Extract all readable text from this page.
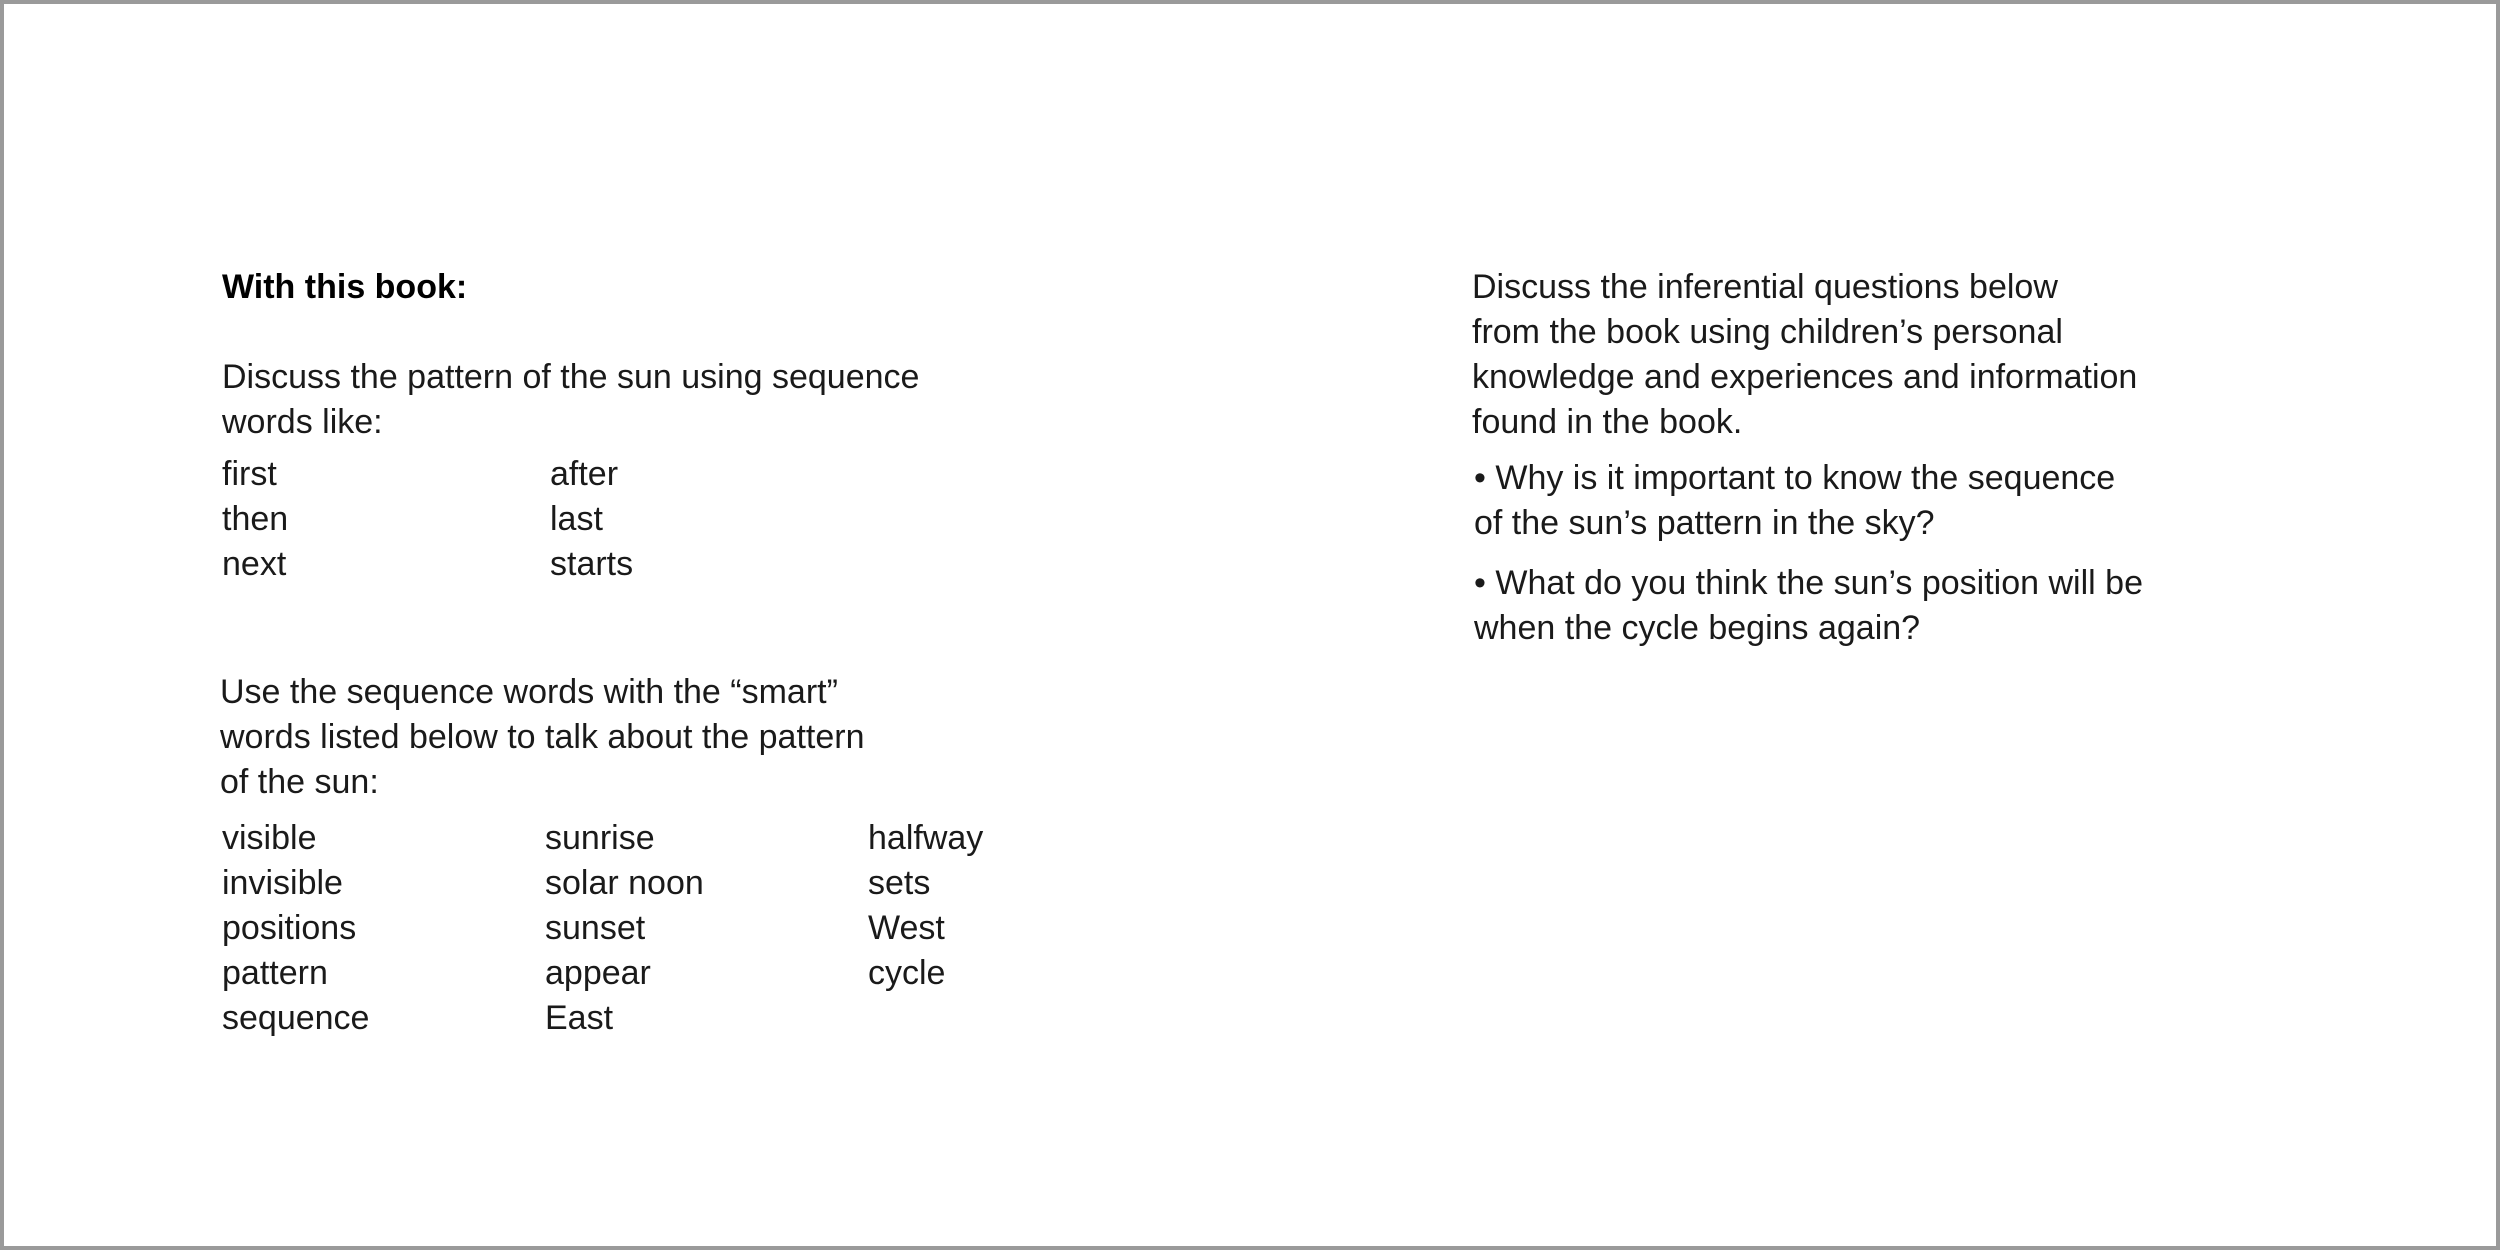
With this book:

Discuss the pattern of the sun using sequence

words like:

first
then
next
after
last
starts

Use the sequence words with the “smart”

words listed below to talk about the pattern

of the sun:

visible
invisible
positions
pattern
sequence
sunrise
solar noon
sunset
appear
East
halfway
sets
West
cycle

Discuss the inferential questions below

from the book using children’s personal

knowledge and experiences and information

found in the book.

• Why is it important to know the sequence

of the sun’s pattern in the sky?

• What do you think the sun’s position will be

when the cycle begins again?
